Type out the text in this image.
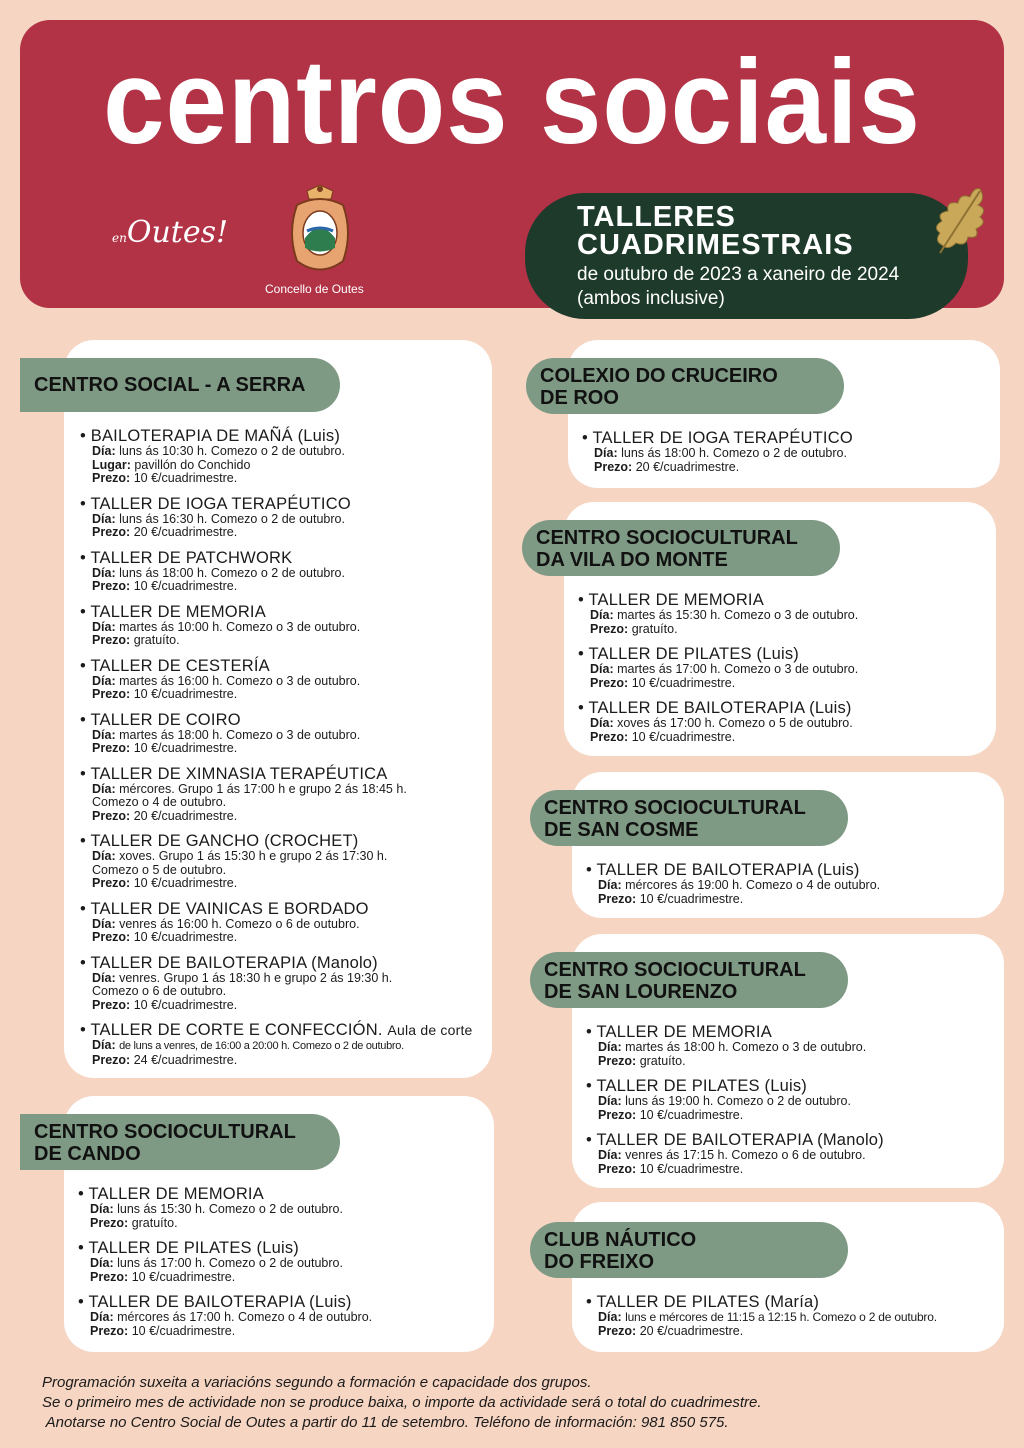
centros sociais
enOutes!
Concello de Outes
TALLERES CUADRIMESTRAIS
de outubro de 2023 a xaneiro de 2024
(ambos inclusive)
CENTRO SOCIAL - A SERRA
• BAILOTERAPIA DE MAÑÁ (Luis)
Día: luns ás 10:30 h. Comezo o 2 de outubro.
Lugar: pavillón do Conchido
Prezo: 10 €/cuadrimestre.
• TALLER DE IOGA TERAPÉUTICO
Día: luns ás 16:30 h. Comezo o 2 de outubro.
Prezo: 20 €/cuadrimestre.
• TALLER DE PATCHWORK
Día: luns ás 18:00 h. Comezo o 2 de outubro.
Prezo: 10 €/cuadrimestre.
• TALLER DE MEMORIA
Día: martes ás 10:00 h. Comezo o 3 de outubro.
Prezo: gratuíto.
• TALLER DE CESTERÍA
Día: martes ás 16:00 h. Comezo o 3 de outubro.
Prezo: 10 €/cuadrimestre.
• TALLER DE COIRO
Día: martes ás 18:00 h. Comezo o 3 de outubro.
Prezo: 10 €/cuadrimestre.
• TALLER DE XIMNASIA TERAPÉUTICA
Día: mércores. Grupo 1 ás 17:00 h e grupo 2 ás 18:45 h.
Comezo o 4 de outubro.
Prezo: 20 €/cuadrimestre.
• TALLER DE GANCHO (CROCHET)
Día: xoves. Grupo 1 ás 15:30 h e grupo 2 ás 17:30 h.
Comezo o 5 de outubro.
Prezo: 10 €/cuadrimestre.
• TALLER DE VAINICAS E BORDADO
Día: venres ás 16:00 h. Comezo o 6 de outubro.
Prezo: 10 €/cuadrimestre.
• TALLER DE BAILOTERAPIA (Manolo)
Día: venres. Grupo 1 ás 18:30 h e grupo 2 ás 19:30 h.
Comezo o 6 de outubro.
Prezo: 10 €/cuadrimestre.
• TALLER DE CORTE E CONFECCIÓN. Aula de corte
Día: de luns a venres, de 16:00 a 20:00 h. Comezo o 2 de outubro.
Prezo: 24 €/cuadrimestre.
CENTRO SOCIOCULTURAL
DE CANDO
• TALLER DE MEMORIA
Día: luns ás 15:30 h. Comezo o 2 de outubro.
Prezo: gratuíto.
• TALLER DE PILATES (Luis)
Día: luns ás 17:00 h. Comezo o 2 de outubro.
Prezo: 10 €/cuadrimestre.
• TALLER DE BAILOTERAPIA (Luis)
Día: mércores ás 17:00 h. Comezo o 4 de outubro.
Prezo: 10 €/cuadrimestre.
COLEXIO DO CRUCEIRO
DE ROO
• TALLER DE IOGA TERAPÉUTICO
Día: luns ás 18:00 h. Comezo o 2 de outubro.
Prezo: 20 €/cuadrimestre.
CENTRO SOCIOCULTURAL
DA VILA DO MONTE
• TALLER DE MEMORIA
Día: martes ás 15:30 h. Comezo o 3 de outubro.
Prezo: gratuíto.
• TALLER DE PILATES (Luis)
Día: martes ás 17:00 h. Comezo o 3 de outubro.
Prezo: 10 €/cuadrimestre.
• TALLER DE BAILOTERAPIA (Luis)
Día: xoves ás 17:00 h. Comezo o 5 de outubro.
Prezo: 10 €/cuadrimestre.
CENTRO SOCIOCULTURAL
DE SAN COSME
• TALLER DE BAILOTERAPIA (Luis)
Día: mércores ás 19:00 h. Comezo o 4 de outubro.
Prezo: 10 €/cuadrimestre.
CENTRO SOCIOCULTURAL
DE SAN LOURENZO
• TALLER DE MEMORIA
Día: martes ás 18:00 h. Comezo o 3 de outubro.
Prezo: gratuíto.
• TALLER DE PILATES (Luis)
Día: luns ás 19:00 h. Comezo o 2 de outubro.
Prezo: 10 €/cuadrimestre.
• TALLER DE BAILOTERAPIA (Manolo)
Día: venres ás 17:15 h. Comezo o 6 de outubro.
Prezo: 10 €/cuadrimestre.
CLUB NÁUTICO
DO FREIXO
• TALLER DE PILATES (María)
Día: luns e mércores de 11:15 a 12:15 h. Comezo o 2 de outubro.
Prezo: 20 €/cuadrimestre.
Programación suxeita a variacións segundo a formación e capacidade dos grupos.
Se o primeiro mes de actividade non se produce baixa, o importe da actividade será o total do cuadrimestre.
Anotarse no Centro Social de Outes a partir do 11 de setembro. Teléfono de información: 981 850 575.
